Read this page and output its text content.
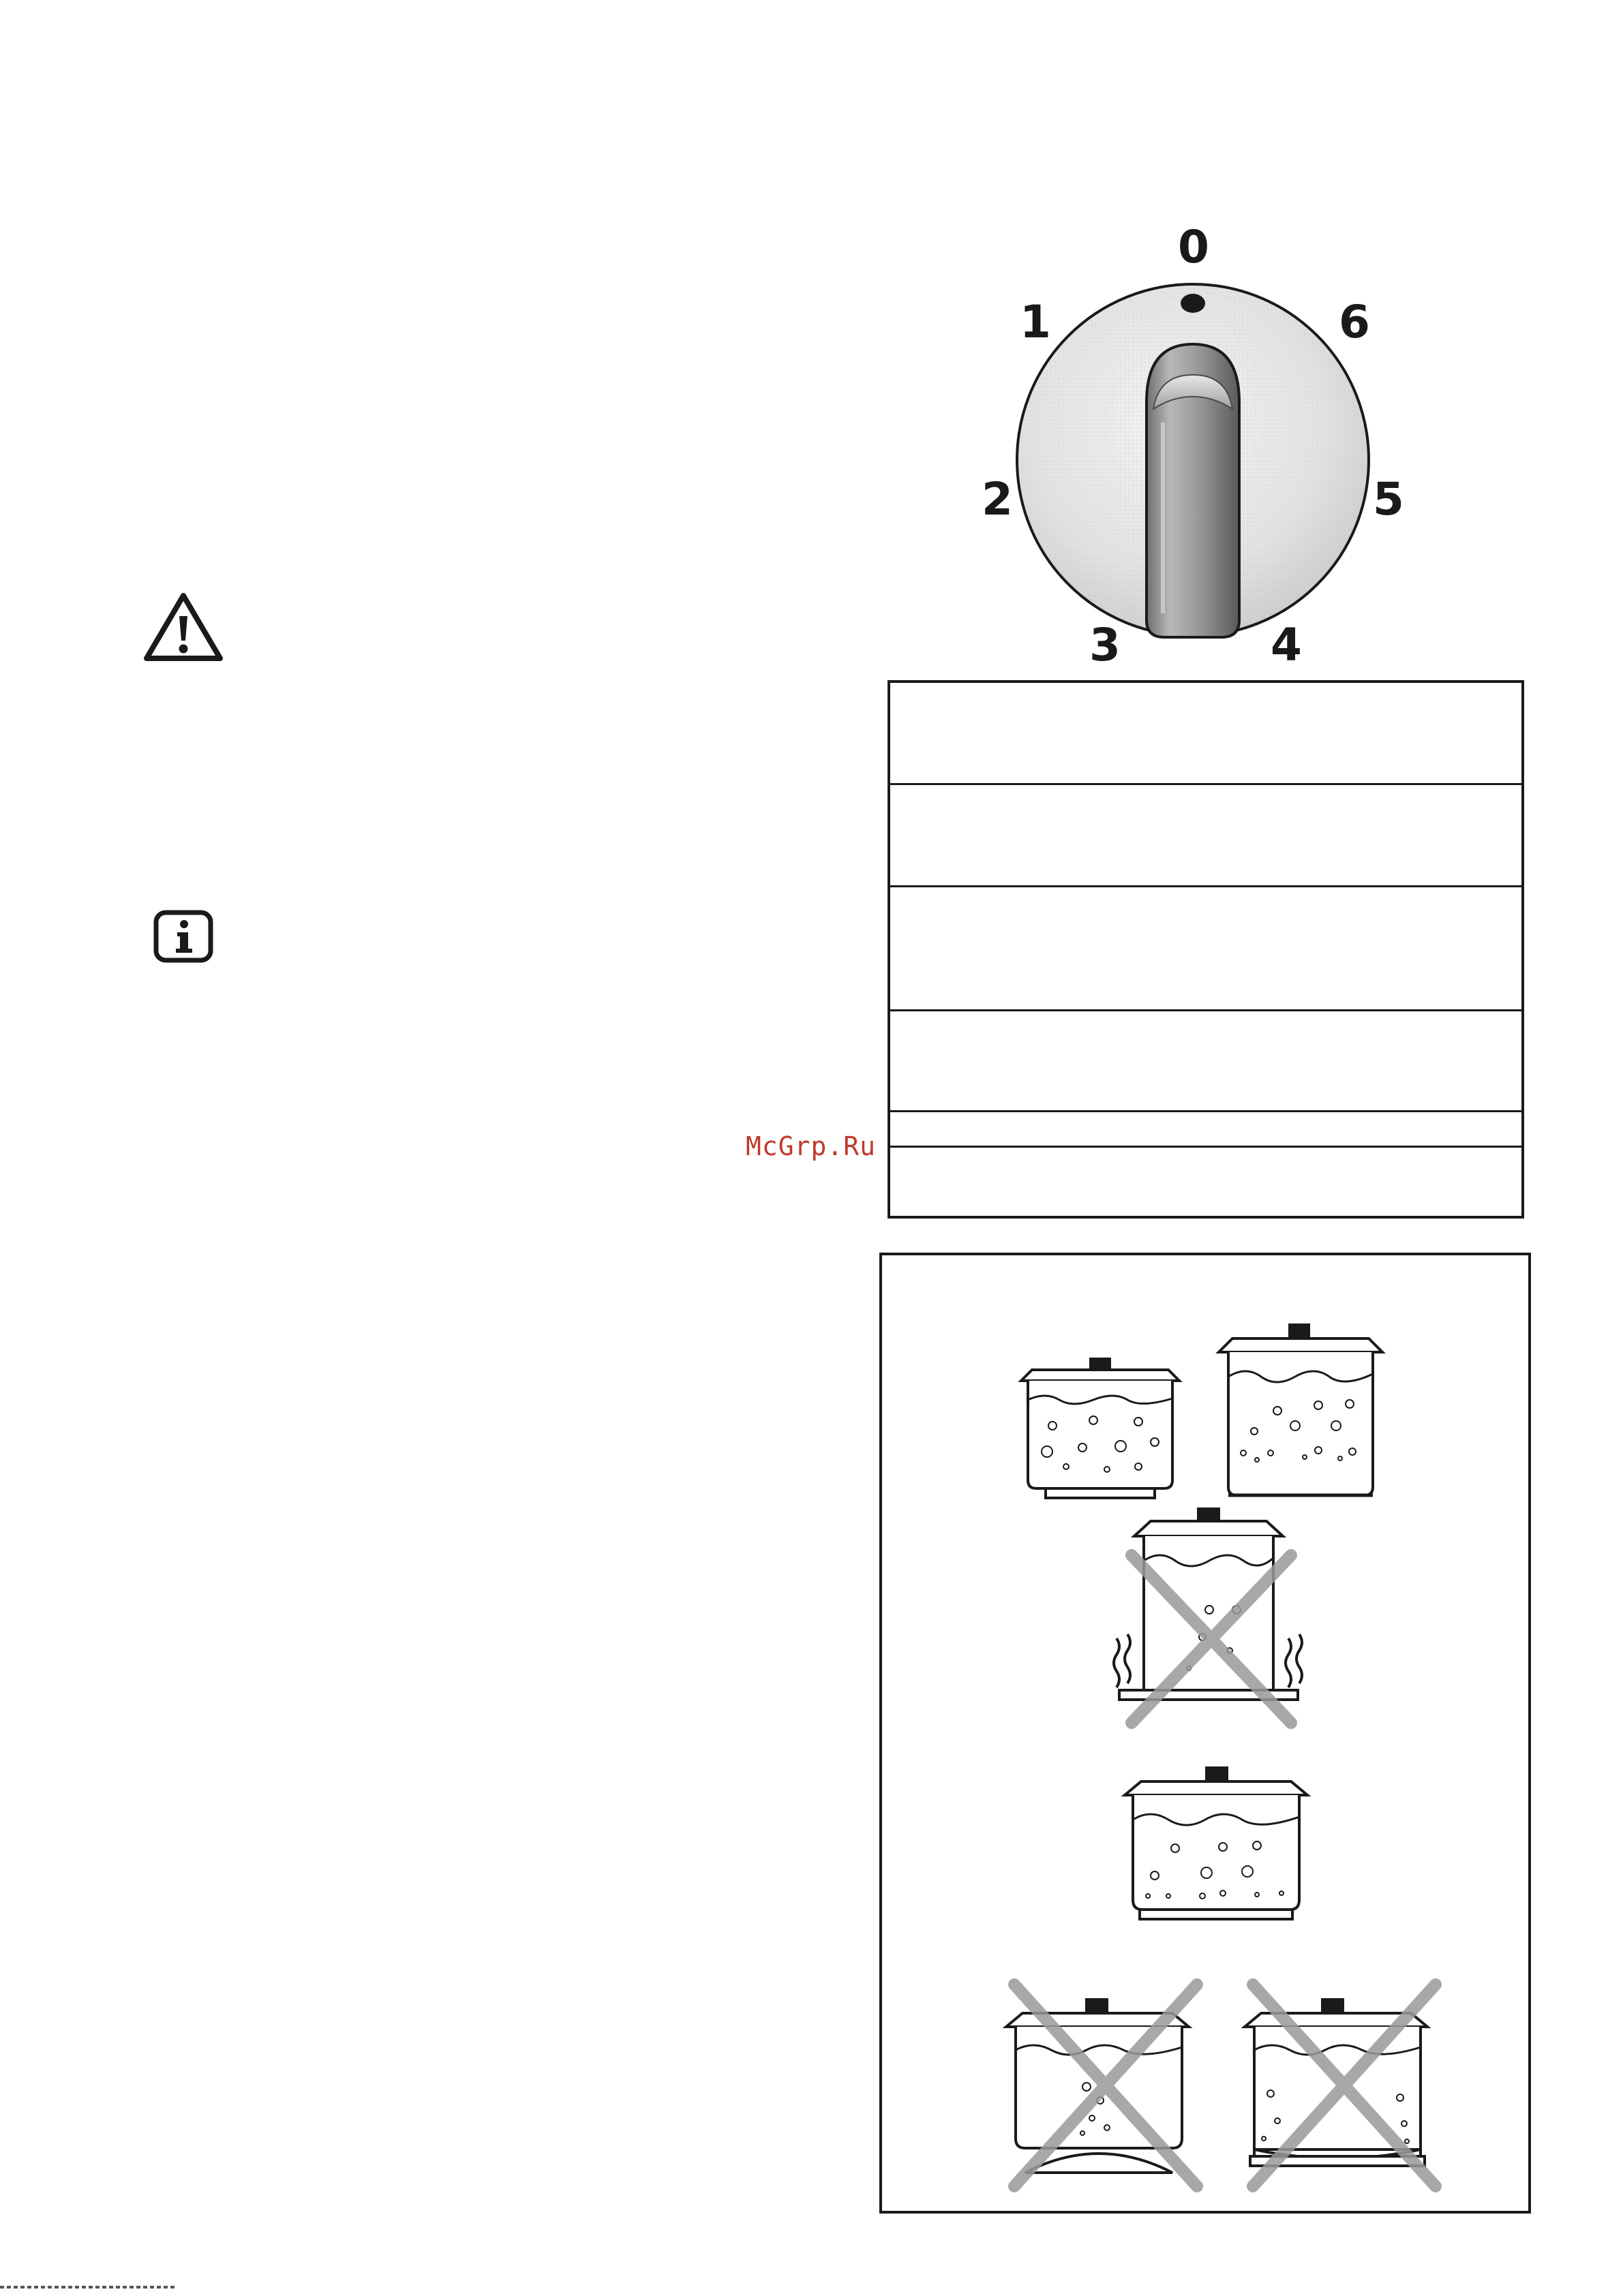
0
1
2
3	4
5
6
McGrp.Ru
